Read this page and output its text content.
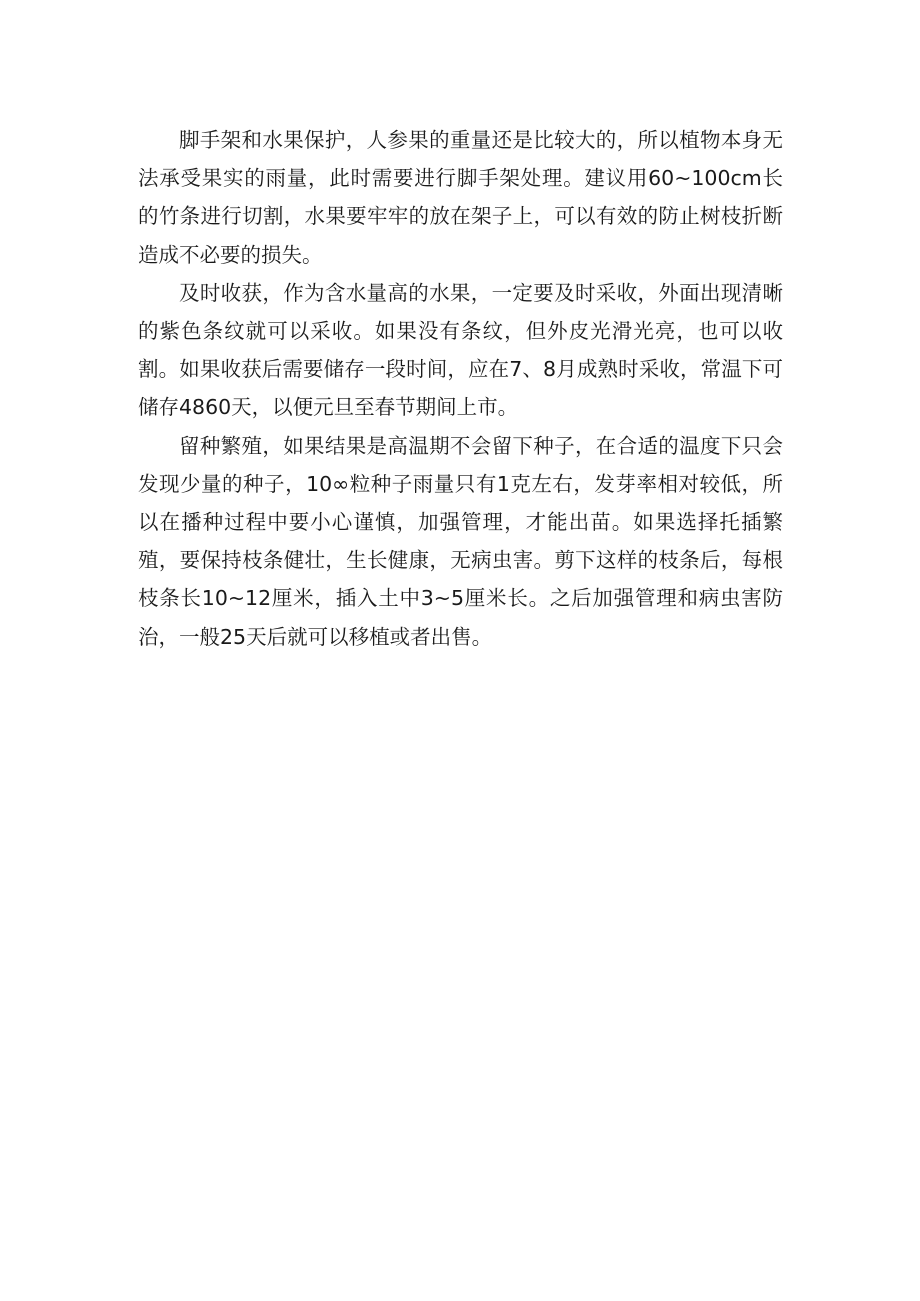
脚手架和水果保护，人参果的重量还是比较大的，所以植物本身无法承受果实的雨量，此时需要进行脚手架处理。建议用60~100cm长的竹条进行切割，水果要牢牢的放在架子上，可以有效的防止树枝折断造成不必要的损失。

及时收获，作为含水量高的水果，一定要及时采收，外面出现清晰的紫色条纹就可以采收。如果没有条纹，但外皮光滑光亮，也可以收割。如果收获后需要储存一段时间，应在7、8月成熟时采收，常温下可储存4860天，以便元旦至春节期间上市。

留种繁殖，如果结果是高温期不会留下种子，在合适的温度下只会发现少量的种子，10∞粒种子雨量只有1克左右，发芽率相对较低，所以在播种过程中要小心谨慎，加强管理，才能出苗。如果选择托插繁殖，要保持枝条健壮，生长健康，无病虫害。剪下这样的枝条后，每根枝条长10~12厘米，插入土中3~5厘米长。之后加强管理和病虫害防治，一般25天后就可以移植或者出售。
